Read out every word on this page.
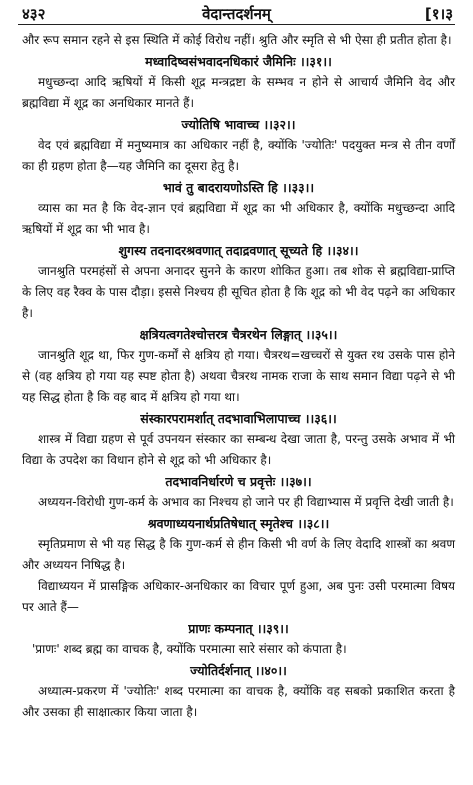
४३२	वेदान्तदर्शनम्	[१।३
और रूप समान रहने से इस स्थिति में कोई विरोध नहीं। श्रुति और स्मृति से भी ऐसा ही प्रतीत होता है।
मध्वादिष्वसंभवादनधिकारं जैमिनिः ।।३१।।
मधुच्छन्दा आदि ऋषियों में किसी शूद्र मन्त्रद्रष्टा के सम्भव न होने से आचार्य जैमिनि वेद और ब्रह्मविद्या में शूद्र का अनधिकार मानते हैं।
ज्योतिषि भावाच्च ।।३२।।
वेद एवं ब्रह्मविद्या में मनुष्यमात्र का अधिकार नहीं है, क्योंकि 'ज्योतिः' पदयुक्त मन्त्र से तीन वर्णों का ही ग्रहण होता है—यह जैमिनि का दूसरा हेतु है।
भावं तु बादरायणोऽस्ति हि ।।३३।।
व्यास का मत है कि वेद-ज्ञान एवं ब्रह्मविद्या में शूद्र का भी अधिकार है, क्योंकि मधुच्छन्दा आदि ऋषियों में शूद्र का भी भाव है।
शुगस्य तदनादरश्रवणात् तदाद्रवणात् सूच्यते हि ।।३४।।
जानश्रुति परमहंसों से अपना अनादर सुनने के कारण शोकित हुआ। तब शोक से ब्रह्मविद्या-प्राप्ति के लिए वह रैक्व के पास दौड़ा। इससे निश्चय ही सूचित होता है कि शूद्र को भी वेद पढ़ने का अधिकार है।
क्षत्रियत्वगतेश्चोत्तरत्र चैत्ररथेन लिङ्गात् ।।३५।।
जानश्रुति शूद्र था, फिर गुण-कर्मों से क्षत्रिय हो गया। चैत्ररथ=खच्चरों से युक्त रथ उसके पास होने से (वह क्षत्रिय हो गया यह स्पष्ट होता है) अथवा चैत्ररथ नामक राजा के साथ समान विद्या पढ़ने से भी यह सिद्ध होता है कि वह बाद में क्षत्रिय हो गया था।
संस्कारपरामर्शात् तदभावाभिलापाच्च ।।३६।।
शास्त्र में विद्या ग्रहण से पूर्व उपनयन संस्कार का सम्बन्ध देखा जाता है, परन्तु उसके अभाव में भी विद्या के उपदेश का विधान होने से शूद्र को भी अधिकार है।
तदभावनिर्धारणे च प्रवृत्तेः ।।३७।।
अध्ययन-विरोधी गुण-कर्म के अभाव का निश्चय हो जाने पर ही विद्याभ्यास में प्रवृत्ति देखी जाती है।
श्रवणाध्ययनार्थप्रतिषेधात् स्मृतेश्च ।।३८।।
स्मृतिप्रमाण से भी यह सिद्ध है कि गुण-कर्म से हीन किसी भी वर्ण के लिए वेदादि शास्त्रों का श्रवण और अध्ययन निषिद्ध है।
विद्याध्ययन में प्रासङ्गिक अधिकार-अनधिकार का विचार पूर्ण हुआ, अब पुनः उसी परमात्मा विषय पर आते हैं—
प्राणः कम्पनात् ।।३९।।
'प्राणः' शब्द ब्रह्म का वाचक है, क्योंकि परमात्मा सारे संसार को कंपाता है।
ज्योतिर्दर्शनात् ।।४०।।
अध्यात्म-प्रकरण में 'ज्योतिः' शब्द परमात्मा का वाचक है, क्योंकि वह सबको प्रकाशित करता है और उसका ही साक्षात्कार किया जाता है।
